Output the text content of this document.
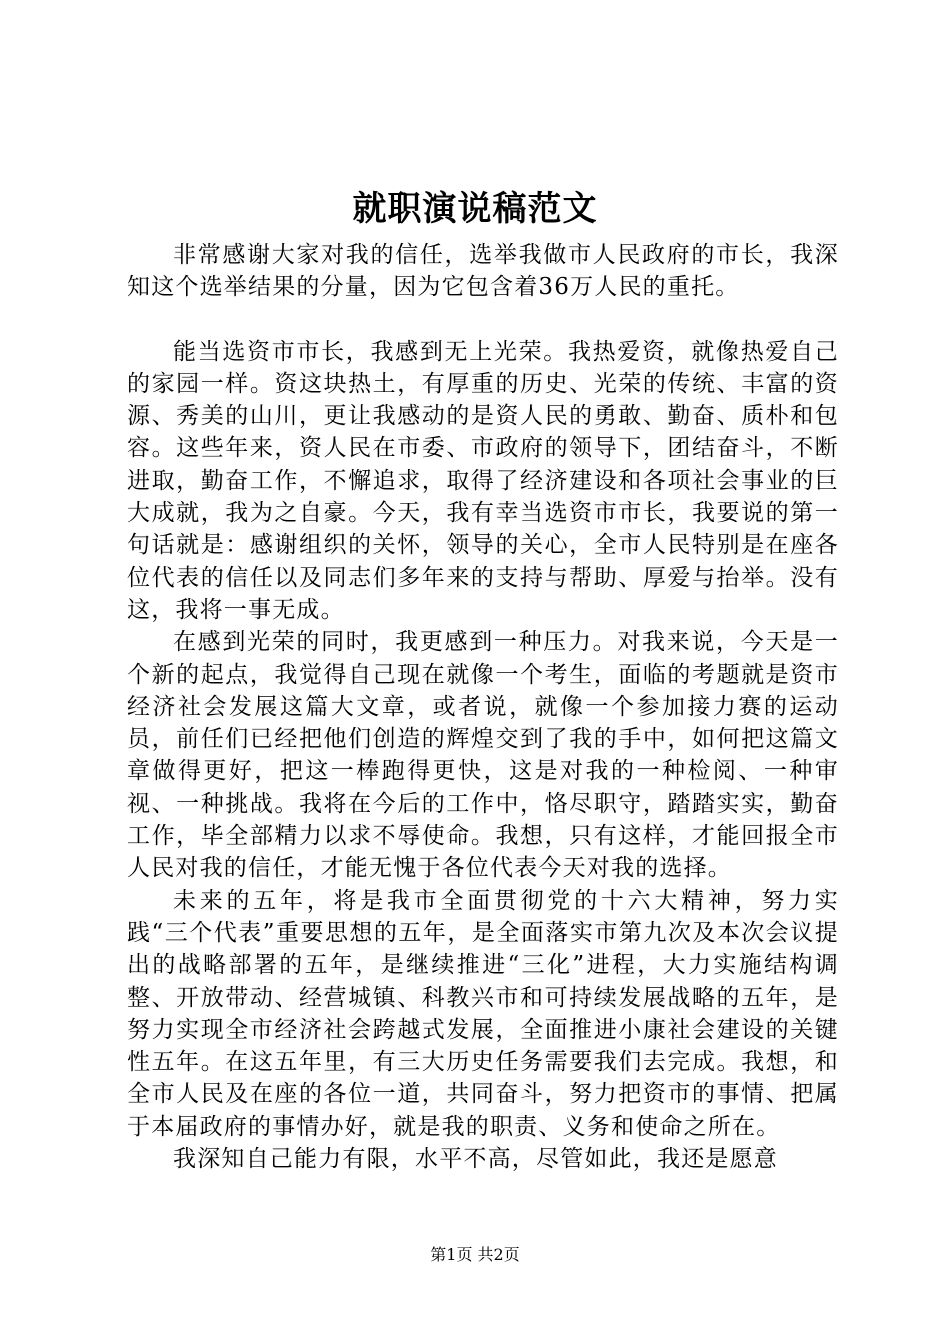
就职演说稿范文

非常感谢大家对我的信任，选举我做市人民政府的市长，我深知这个选举结果的分量，因为它包含着36万人民的重托。

能当选资市市长，我感到无上光荣。我热爱资，就像热爱自己的家园一样。资这块热土，有厚重的历史、光荣的传统、丰富的资源、秀美的山川，更让我感动的是资人民的勇敢、勤奋、质朴和包容。这些年来，资人民在市委、市政府的领导下，团结奋斗，不断进取，勤奋工作，不懈追求，取得了经济建设和各项社会事业的巨大成就，我为之自豪。今天，我有幸当选资市市长，我要说的第一句话就是：感谢组织的关怀，领导的关心，全市人民特别是在座各位代表的信任以及同志们多年来的支持与帮助、厚爱与抬举。没有这，我将一事无成。

在感到光荣的同时，我更感到一种压力。对我来说，今天是一个新的起点，我觉得自己现在就像一个考生，面临的考题就是资市经济社会发展这篇大文章，或者说，就像一个参加接力赛的运动员，前任们已经把他们创造的辉煌交到了我的手中，如何把这篇文章做得更好，把这一棒跑得更快，这是对我的一种检阅、一种审视、一种挑战。我将在今后的工作中，恪尽职守，踏踏实实，勤奋工作，毕全部精力以求不辱使命。我想，只有这样，才能回报全市人民对我的信任，才能无愧于各位代表今天对我的选择。

未来的五年，将是我市全面贯彻党的十六大精神，努力实践“三个代表”重要思想的五年，是全面落实市第九次及本次会议提出的战略部署的五年，是继续推进“三化”进程，大力实施结构调整、开放带动、经营城镇、科教兴市和可持续发展战略的五年，是努力实现全市经济社会跨越式发展，全面推进小康社会建设的关键性五年。在这五年里，有三大历史任务需要我们去完成。我想，和全市人民及在座的各位一道，共同奋斗，努力把资市的事情、把属于本届政府的事情办好，就是我的职责、义务和使命之所在。

我深知自己能力有限，水平不高，尽管如此，我还是愿意

第1页 共2页
